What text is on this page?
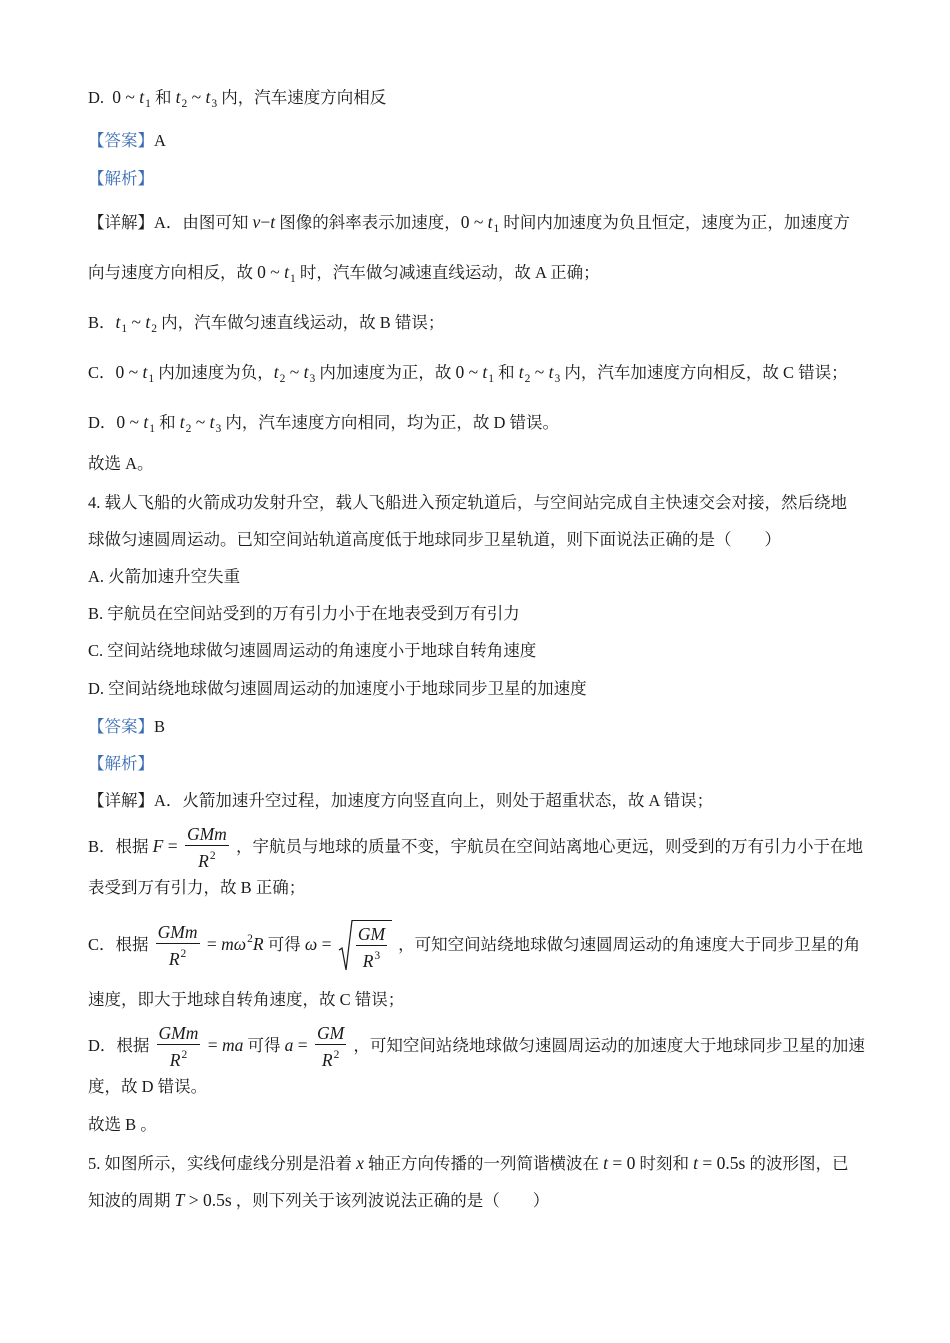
D.  0 ~ $t_1$ 和 $t_2$ ~ $t_3$ 内，汽车速度方向相反
【答案】A
【解析】
【详解】A．由图可知 v−t 图像的斜率表示加速度，0 ~ $t_1$ 时间内加速度为负且恒定，速度为正，加速度方
向与速度方向相反，故 0 ~ $t_1$ 时，汽车做匀减速直线运动，故 A 正确；
B．$t_1$ ~ $t_2$ 内，汽车做匀速直线运动，故 B 错误；
C．0 ~ $t_1$ 内加速度为负，$t_2$ ~ $t_3$ 内加速度为正，故 0 ~ $t_1$ 和 $t_2$ ~ $t_3$ 内，汽车加速度方向相反，故 C 错误；
D．0 ~ $t_1$ 和 $t_2$ ~ $t_3$ 内，汽车速度方向相同，均为正，故 D 错误。
故选 A。
4. 载人飞船的火箭成功发射升空，载人飞船进入预定轨道后，与空间站完成自主快速交会对接，然后绕地
球做匀速圆周运动。已知空间站轨道高度低于地球同步卫星轨道，则下面说法正确的是（　　）
A. 火箭加速升空失重
B. 宇航员在空间站受到的万有引力小于在地表受到万有引力
C. 空间站绕地球做匀速圆周运动的角速度小于地球自转角速度
D. 空间站绕地球做匀速圆周运动的加速度小于地球同步卫星的加速度
【答案】B
【解析】
【详解】A．火箭加速升空过程，加速度方向竖直向上，则处于超重状态，故 A 错误；
B．根据 $F = \frac{\text{GMm}}{R^2}$ ，宇航员与地球的质量不变，宇航员在空间站离地心更远，则受到的万有引力小于在地
表受到万有引力，故 B 正确；
C．根据 $\frac{\text{GMm}}{R^2} = m\omega^2R$ 可得 $\omega = \frac{GM}{R^3}$ ，可知空间站绕地球做匀速圆周运动的角速度大于同步卫星的角
速度，即大于地球自转角速度，故 C 错误；
D．根据 $\frac{\text{GMm}}{R^2}$ = ma 可得 $a = \frac{GM}{R^2}$ ，可知空间站绕地球做匀速圆周运动的加速度大于地球同步卫星的加速
度，故 D 错误。
故选 B 。
5. 如图所示，实线何虚线分别是沿着 x 轴正方向传播的一列简谐横波在 t = 0 时刻和 t = 0.5s 的波形图，已
知波的周期 T > 0.5s ，则下列关于该列波说法正确的是（　　）
